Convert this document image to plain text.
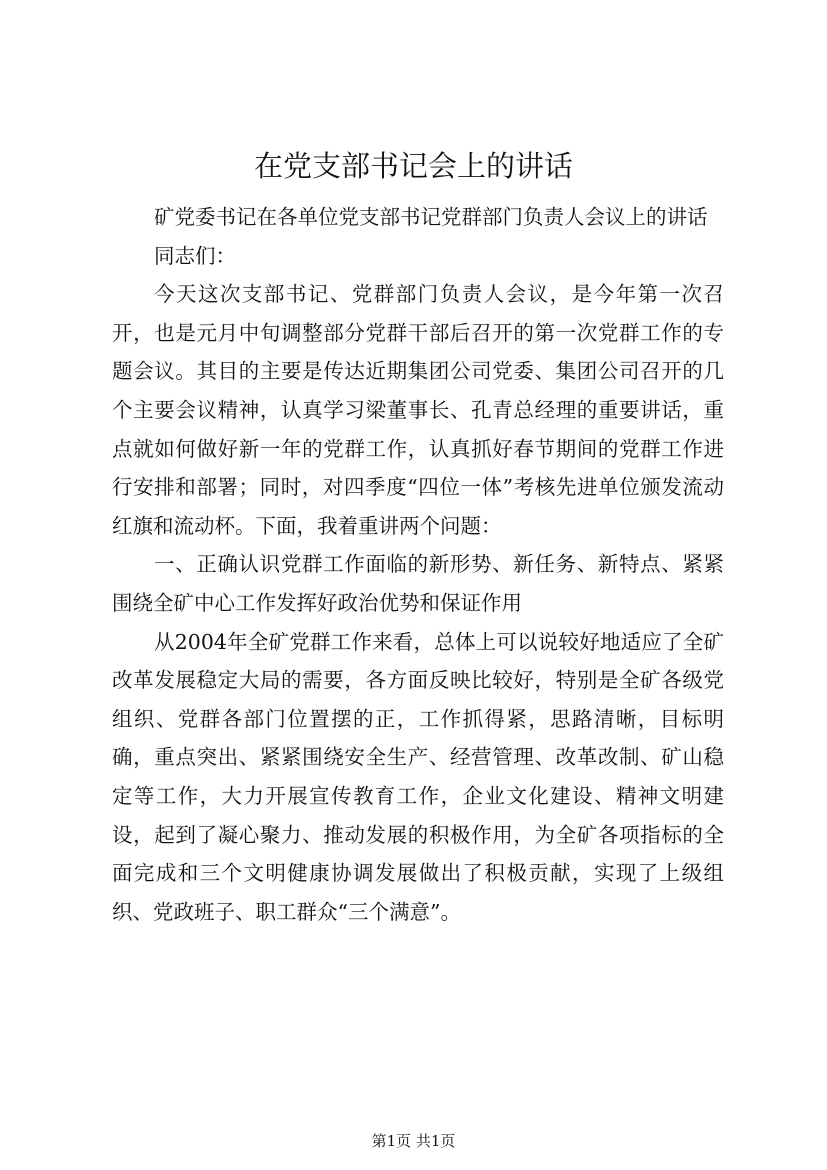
在党支部书记会上的讲话

矿党委书记在各单位党支部书记党群部门负责人会议上的讲话

同志们：

今天这次支部书记、党群部门负责人会议，是今年第一次召开，也是元月中旬调整部分党群干部后召开的第一次党群工作的专题会议。其目的主要是传达近期集团公司党委、集团公司召开的几个主要会议精神，认真学习梁董事长、孔青总经理的重要讲话，重点就如何做好新一年的党群工作，认真抓好春节期间的党群工作进行安排和部署；同时，对四季度“四位一体”考核先进单位颁发流动红旗和流动杯。下面，我着重讲两个问题：

一、正确认识党群工作面临的新形势、新任务、新特点、紧紧围绕全矿中心工作发挥好政治优势和保证作用

从2004年全矿党群工作来看，总体上可以说较好地适应了全矿改革发展稳定大局的需要，各方面反映比较好，特别是全矿各级党组织、党群各部门位置摆的正，工作抓得紧，思路清晰，目标明确，重点突出、紧紧围绕安全生产、经营管理、改革改制、矿山稳定等工作，大力开展宣传教育工作，企业文化建设、精神文明建设，起到了凝心聚力、推动发展的积极作用，为全矿各项指标的全面完成和三个文明健康协调发展做出了积极贡献，实现了上级组织、党政班子、职工群众“三个满意”。

第1页 共1页
